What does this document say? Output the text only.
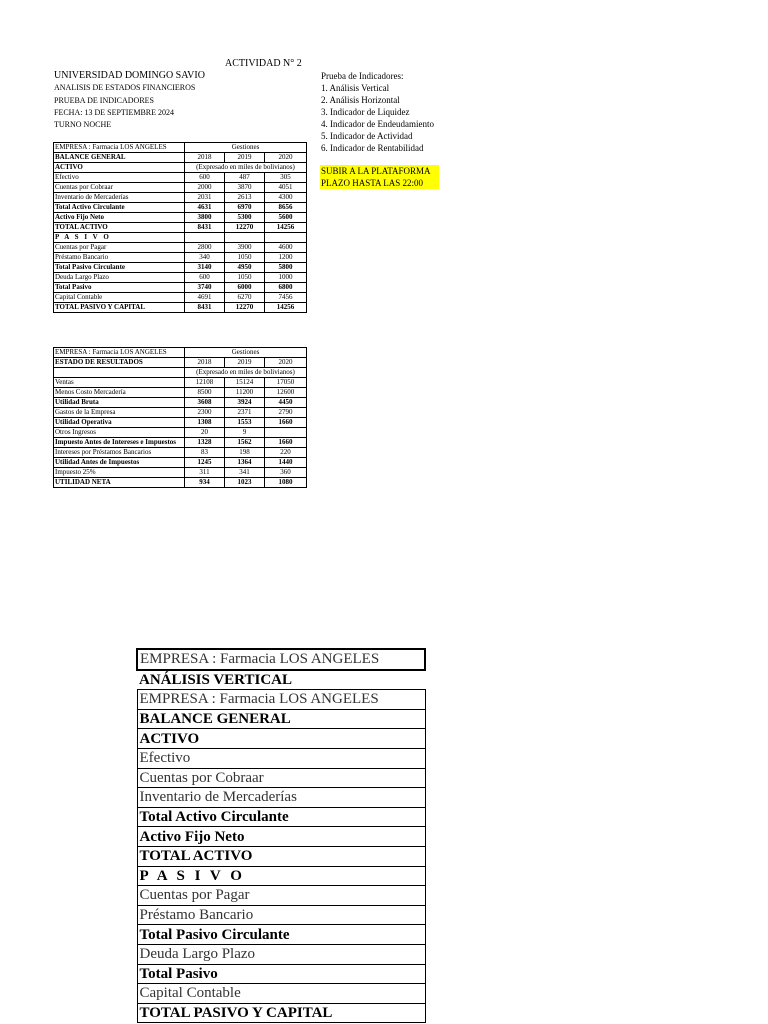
ACTIVIDAD N° 2
UNIVERSIDAD DOMINGO SAVIO
ANALISIS DE ESTADOS FINANCIEROS
PRUEBA DE INDICADORES
FECHA: 13 DE SEPTIEMBRE 2024
TURNO NOCHE
Prueba de Indicadores:
1. Análisis Vertical
2. Análisis Horizontal
3. Indicador de Liquidez
4. Indicador de Endeudamiento
5. Indicador de Actividad
6. Indicador de Rentabilidad
SUBIR A LA PLATAFORMA
PLAZO HASTA LAS 22:00
EMPRESA : Farmacia LOS ANGELES	Gestiones		
BALANCE GENERAL	2018	2019	2020
ACTIVO	(Expresado en miles de bolivianos)		
Efectivo	600	487	305
Cuentas por Cobraar	2000	3870	4051
Inventario de Mercaderías	2031	2613	4300
Total Activo Circulante	4631	6970	8656
Activo Fijo Neto	3800	5300	5600
TOTAL ACTIVO	8431	12270	14256
P A S I V O			
Cuentas por Pagar	2800	3900	4600
Préstamo Bancario	340	1050	1200
Total Pasivo Circulante	3140	4950	5800
Deuda Largo Plazo	600	1050	1000
Total Pasivo	3740	6000	6800
Capital Contable	4691	6270	7456
TOTAL PASIVO Y CAPITAL	8431	12270	14256
EMPRESA : Farmacia LOS ANGELES	Gestiones		
ESTADO DE RESULTADOS	2018	2019	2020
	(Expresado en miles de bolivianos)		
Ventas	12108	15124	17050
Menos Costo Mercadería	8500	11200	12600
Utilidad Bruta	3608	3924	4450
Gastos de la Empresa	2300	2371	2790
Utilidad Operativa	1308	1553	1660
Otros Ingresos	20	9	
Impuesto Antes de Intereses e Impuestos	1328	1562	1660
Intereses por Préstamos Bancarios	83	198	220
Utilidad Antes de Impuestos	1245	1364	1440
Impuesto 25%	311	341	360
UTILIDAD NETA	934	1023	1080
EMPRESA : Farmacia LOS ANGELES
ANÁLISIS VERTICAL
EMPRESA : Farmacia LOS ANGELES
BALANCE GENERAL
ACTIVO
Efectivo
Cuentas por Cobraar
Inventario de Mercaderías
Total Activo Circulante
Activo Fijo Neto
TOTAL ACTIVO
P A S I V O
Cuentas por Pagar
Préstamo Bancario
Total Pasivo Circulante
Deuda Largo Plazo
Total Pasivo
Capital Contable
TOTAL PASIVO Y CAPITAL
